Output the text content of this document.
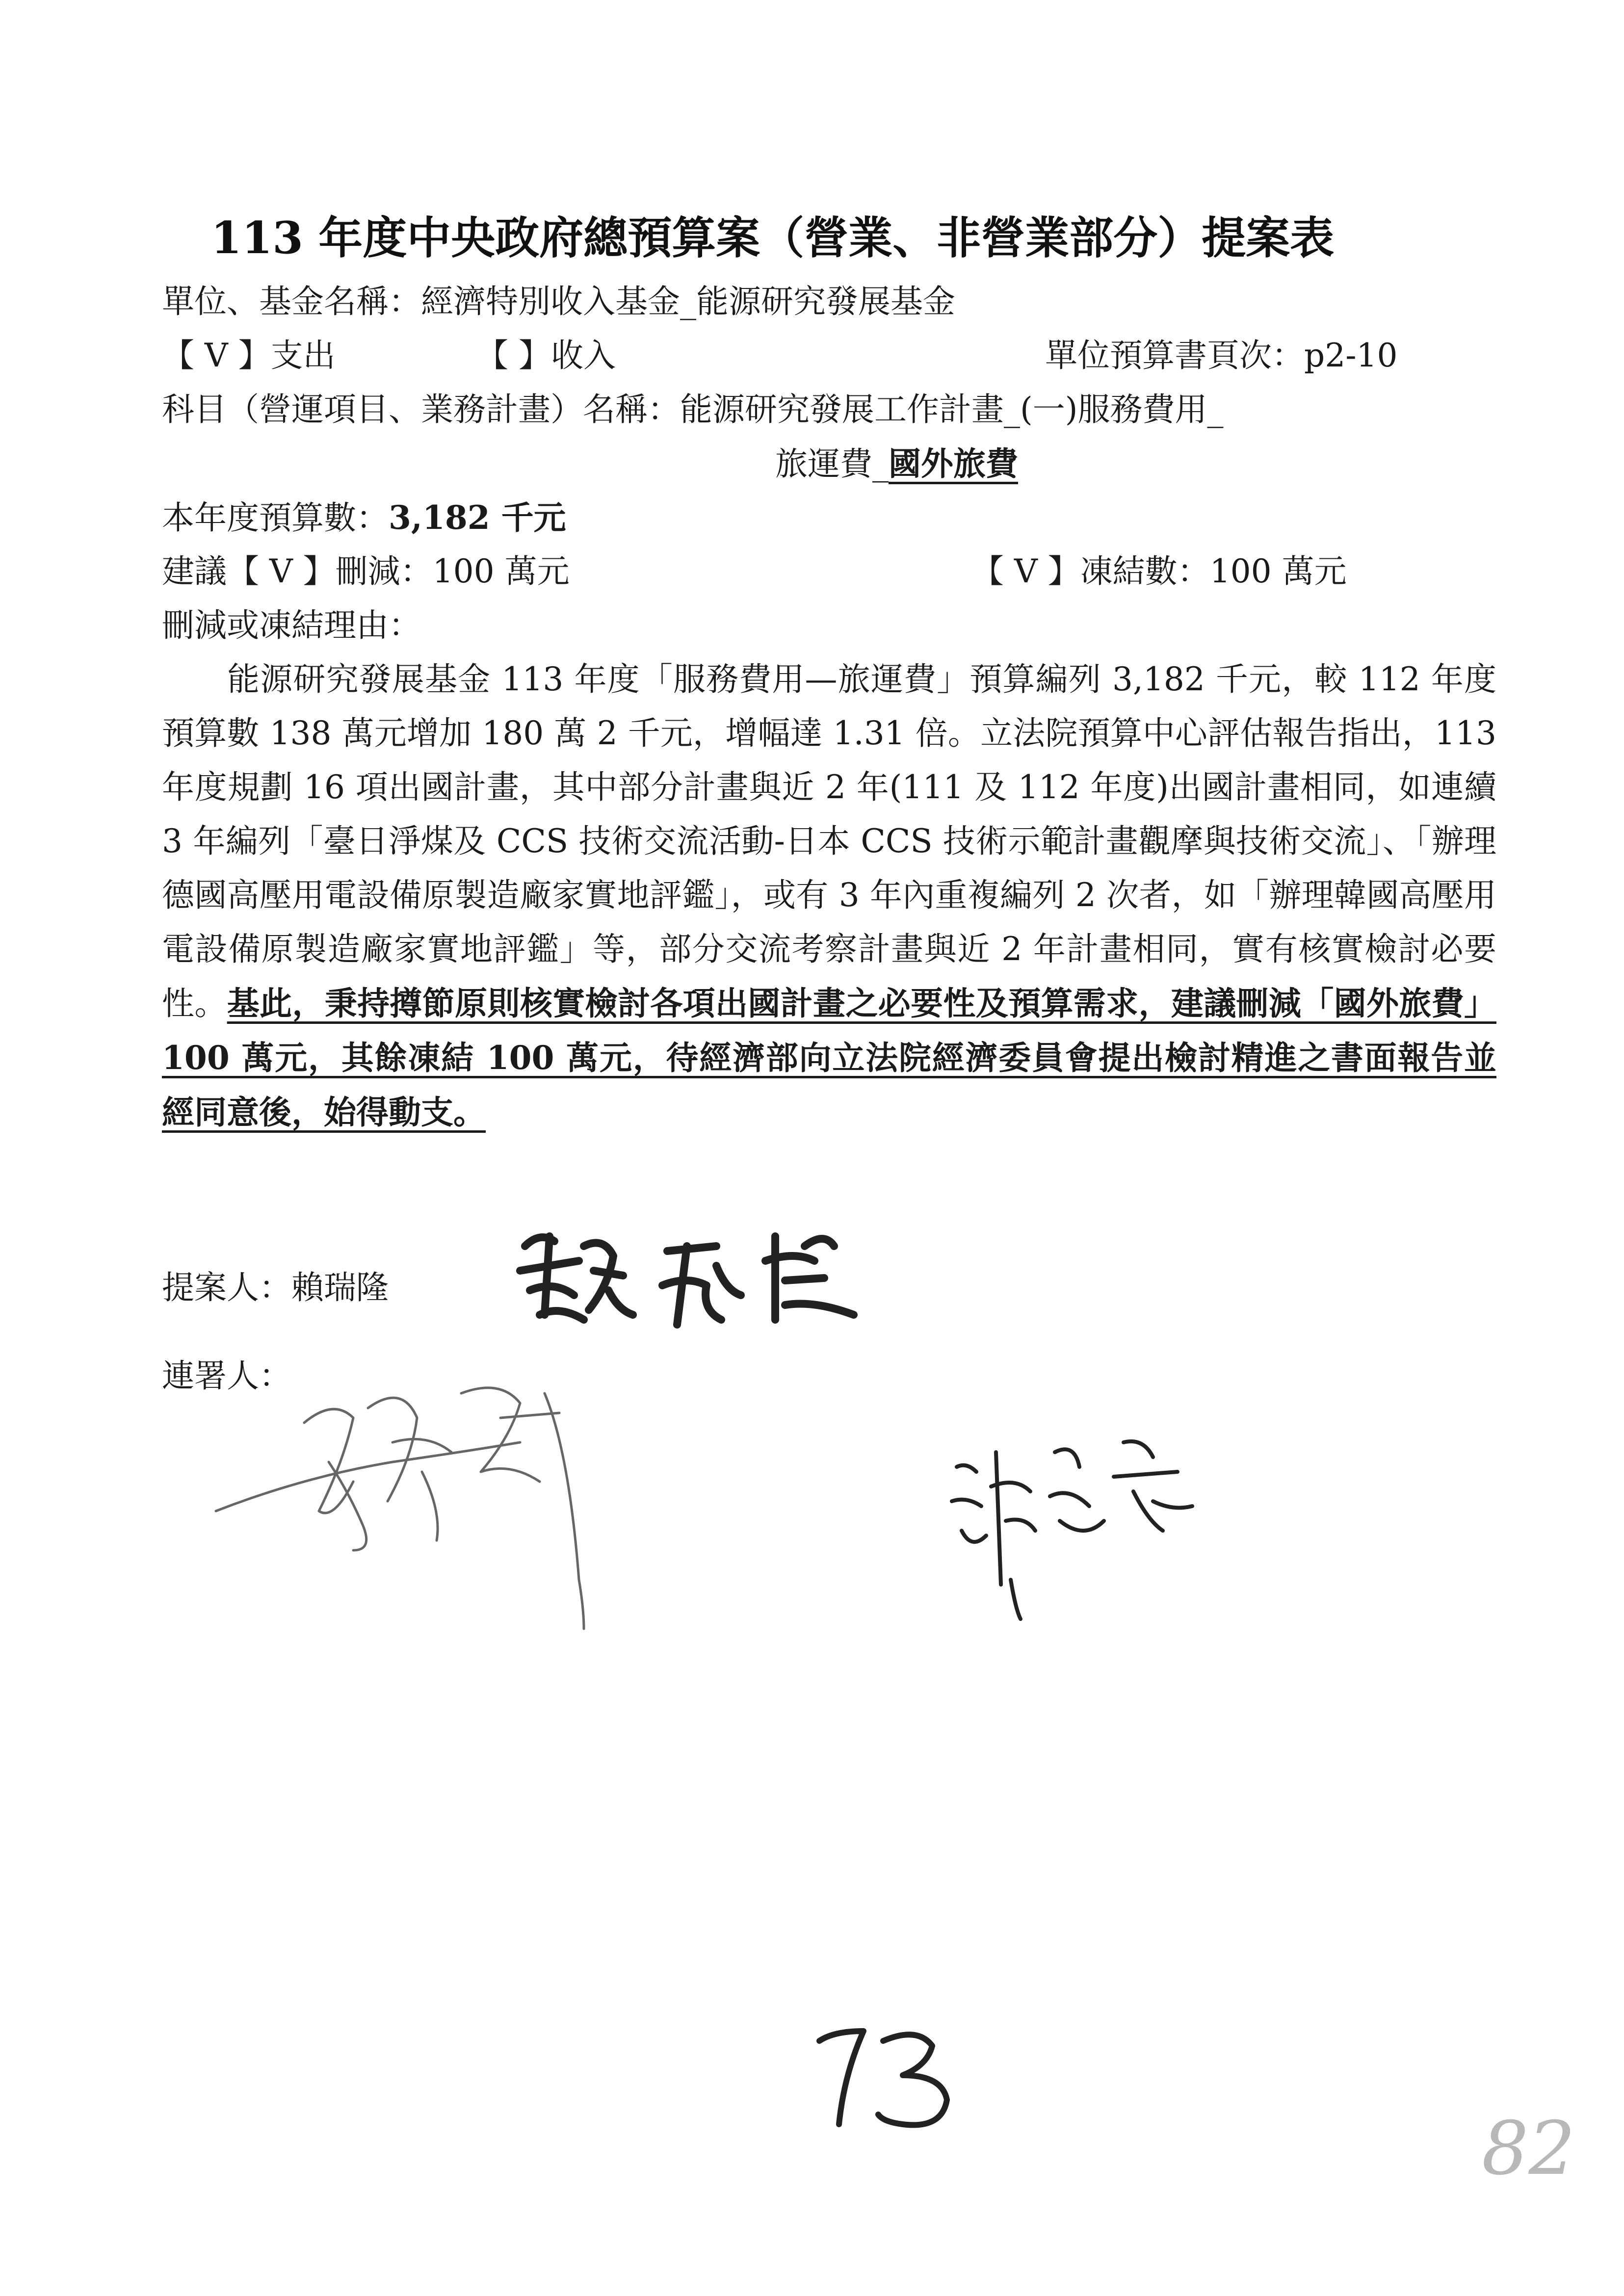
113 年度中央政府總預算案（營業、非營業部分）提案表
單位、基金名稱：經濟特別收入基金_能源研究發展基金
【 V 】支出	【 】收入	單位預算書頁次：p2-10
科目（營運項目、業務計畫）名稱：能源研究發展工作計畫_(一)服務費用_
旅運費_國外旅費
本年度預算數：3,182 千元
建議【 V 】刪減：100 萬元	【 V 】凍結數：100 萬元
刪減或凍結理由：
能源研究發展基金 113 年度「服務費用—旅運費」預算編列 3,182 千元，較 112 年度預算數 138 萬元增加 180 萬 2 千元，增幅達 1.31 倍。立法院預算中心評估報告指出，113 年度規劃 16 項出國計畫，其中部分計畫與近 2 年(111 及 112 年度)出國計畫相同，如連續 3 年編列「臺日淨煤及 CCS 技術交流活動-日本 CCS 技術示範計畫觀摩與技術交流」、「辦理德國高壓用電設備原製造廠家實地評鑑」，或有 3 年內重複編列 2 次者，如「辦理韓國高壓用電設備原製造廠家實地評鑑」等，部分交流考察計畫與近 2 年計畫相同，實有核實檢討必要性。基此，秉持撙節原則核實檢討各項出國計畫之必要性及預算需求，建議刪減「國外旅費」100 萬元，其餘凍結 100 萬元，待經濟部向立法院經濟委員會提出檢討精進之書面報告並經同意後，始得動支。
提案人：賴瑞隆
連署人：
82
